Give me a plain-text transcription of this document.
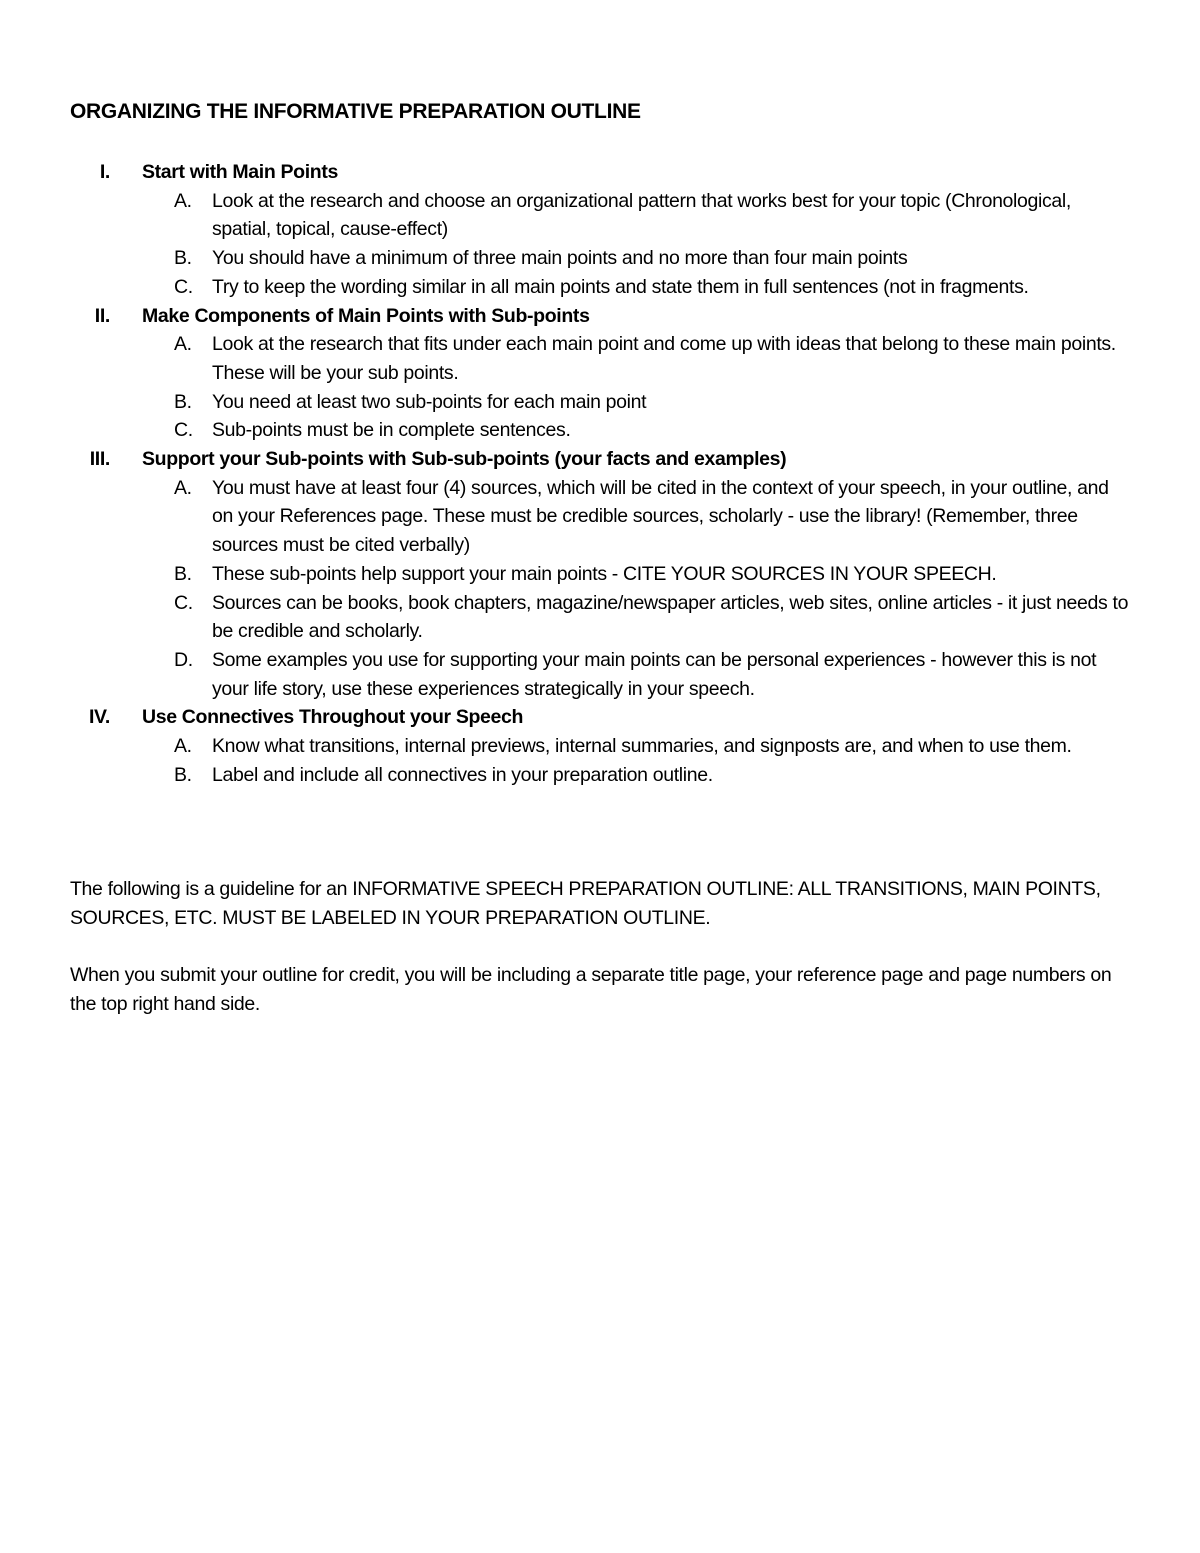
ORGANIZING THE INFORMATIVE PREPARATION OUTLINE
I. Start with Main Points
A. Look at the research and choose an organizational pattern that works best for your topic (Chronological, spatial, topical, cause-effect)
B. You should have a minimum of three main points and no more than four main points
C. Try to keep the wording similar in all main points and state them in full sentences (not in fragments.
II. Make Components of Main Points with Sub-points
A. Look at the research that fits under each main point and come up with ideas that belong to these main points. These will be your sub points.
B. You need at least two sub-points for each main point
C. Sub-points must be in complete sentences.
III. Support your Sub-points with Sub-sub-points (your facts and examples)
A. You must have at least four (4) sources, which will be cited in the context of your speech, in your outline, and on your References page. These must be credible sources, scholarly - use the library! (Remember, three sources must be cited verbally)
B. These sub-points help support your main points - CITE YOUR SOURCES IN YOUR SPEECH.
C. Sources can be books, book chapters, magazine/newspaper articles, web sites, online articles - it just needs to be credible and scholarly.
D. Some examples you use for supporting your main points can be personal experiences - however this is not your life story, use these experiences strategically in your speech.
IV. Use Connectives Throughout your Speech
A. Know what transitions, internal previews, internal summaries, and signposts are, and when to use them.
B. Label and include all connectives in your preparation outline.
The following is a guideline for an INFORMATIVE SPEECH PREPARATION OUTLINE: ALL TRANSITIONS, MAIN POINTS, SOURCES, ETC. MUST BE LABELED IN YOUR PREPARATION OUTLINE.
When you submit your outline for credit, you will be including a separate title page, your reference page and page numbers on the top right hand side.
